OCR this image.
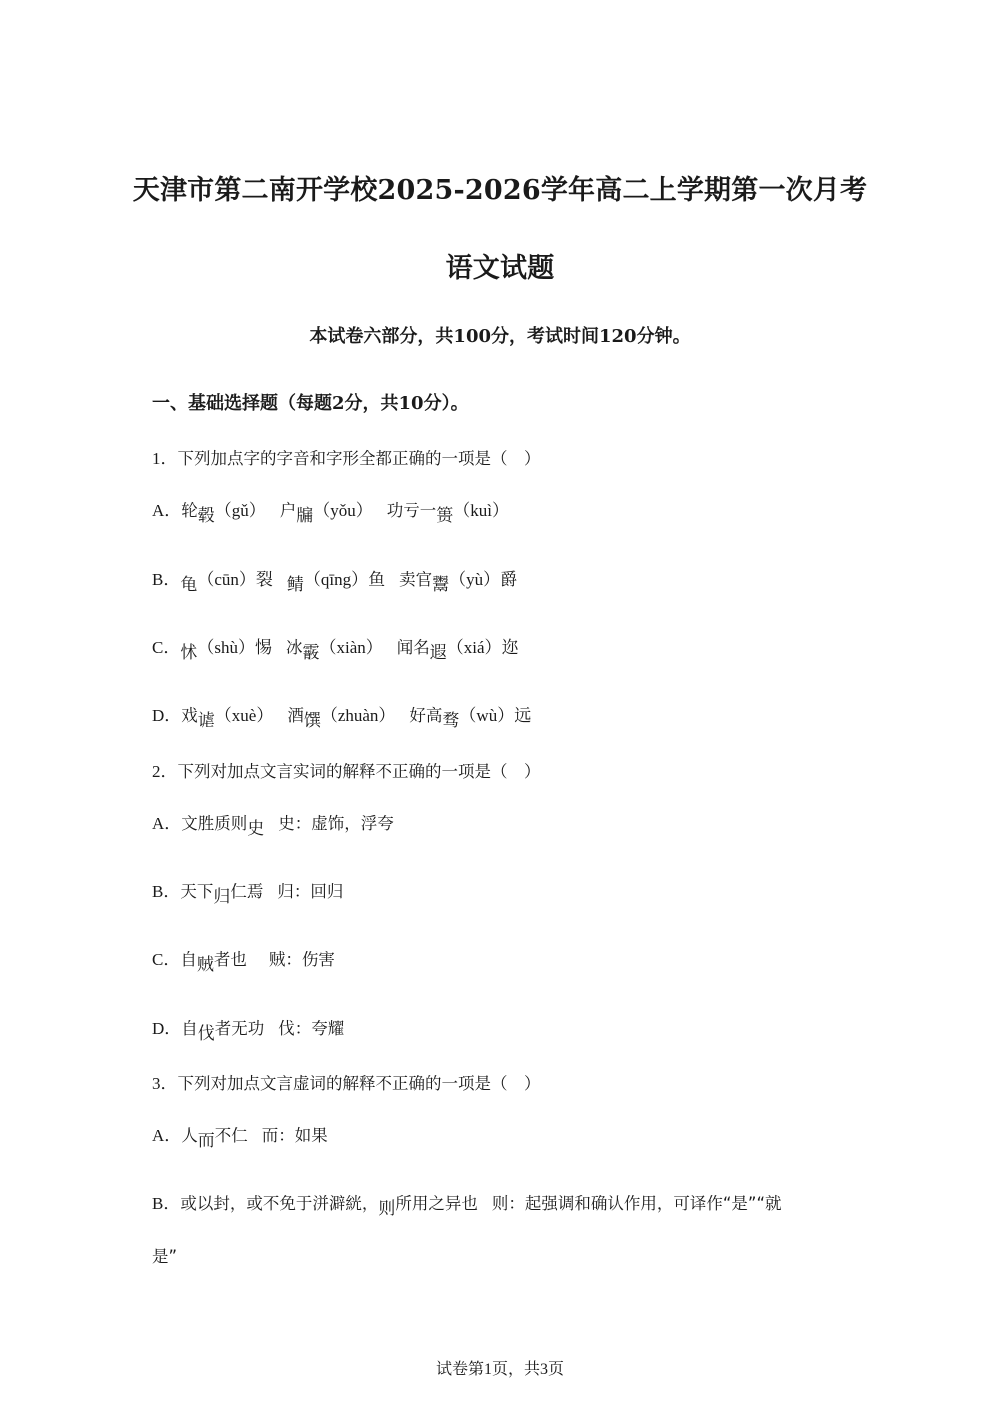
天津市第二南开学校2025-2026学年高二上学期第一次月考
语文试题
本试卷六部分，共100分，考试时间120分钟。
一、基础选择题（每题2分，共10分）。
1．下列加点字的字音和字形全都正确的一项是（　）
A．轮毂（gǔ） 户牖（yǒu） 功亏一篑（kuì）
B．龟（cūn）裂 鲭（qīng）鱼 卖官鬻（yù）爵
C．怵（shù）惕 冰霰（xiàn） 闻名遐（xiá）迩
D．戏谑（xuè） 酒馔（zhuàn） 好高骛（wù）远
2．下列对加点文言实词的解释不正确的一项是（　）
A．文胜质则史 史：虚饰，浮夸
B．天下归仁焉 归：回归
C．自贼者也 贼：伤害
D．自伐者无功 伐：夸耀
3．下列对加点文言虚词的解释不正确的一项是（　）
A．人而不仁 而：如果
B．或以封，或不免于洴澼絖，则所用之异也 则：起强调和确认作用，可译作“是”“就
是”
试卷第1页，共3页
